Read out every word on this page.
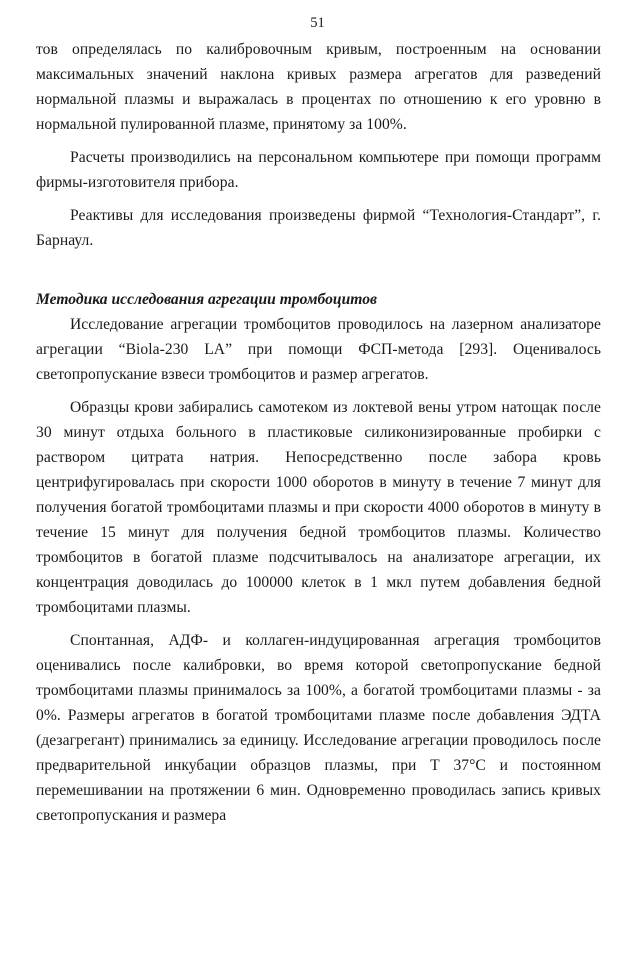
51

тов определялась по калибровочным кривым, построенным на основании максимальных значений наклона кривых размера агрегатов для разведений нормальной плазмы и выражалась в процентах по отношению к его уровню в нормальной пулированной плазме, принятому за 100%.

Расчеты производились на персональном компьютере при помощи программ фирмы-изготовителя прибора.

Реактивы для исследования произведены фирмой “Технология-Стандарт”, г. Барнаул.

Методика исследования агрегации тромбоцитов

Исследование агрегации тромбоцитов проводилось на лазерном анализаторе агрегации “Biola-230 LA” при помощи ФСП-метода [293]. Оценивалось светопропускание взвеси тромбоцитов и размер агрегатов.

Образцы крови забирались самотеком из локтевой вены утром натощак после 30 минут отдыха больного в пластиковые силиконизированные пробирки с раствором цитрата натрия. Непосредственно после забора кровь центрифугировалась при скорости 1000 оборотов в минуту в течение 7 минут для получения богатой тромбоцитами плазмы и при скорости 4000 оборотов в минуту в течение 15 минут для получения бедной тромбоцитов плазмы. Количество тромбоцитов в богатой плазме подсчитывалось на анализаторе агрегации, их концентрация доводилась до 100000 клеток в 1 мкл путем добавления бедной тромбоцитами плазмы.

Спонтанная, АДФ- и коллаген-индуцированная агрегация тромбоцитов оценивались после калибровки, во время которой светопропускание бедной тромбоцитами плазмы принималось за 100%, а богатой тромбоцитами плазмы - за 0%. Размеры агрегатов в богатой тромбоцитами плазме после добавления ЭДТА (дезагрегант) принимались за единицу. Исследование агрегации проводилось после предварительной инкубации образцов плазмы, при Т 37°С и постоянном перемешивании на протяжении 6 мин. Одновременно проводилась запись кривых светопропускания и размера
